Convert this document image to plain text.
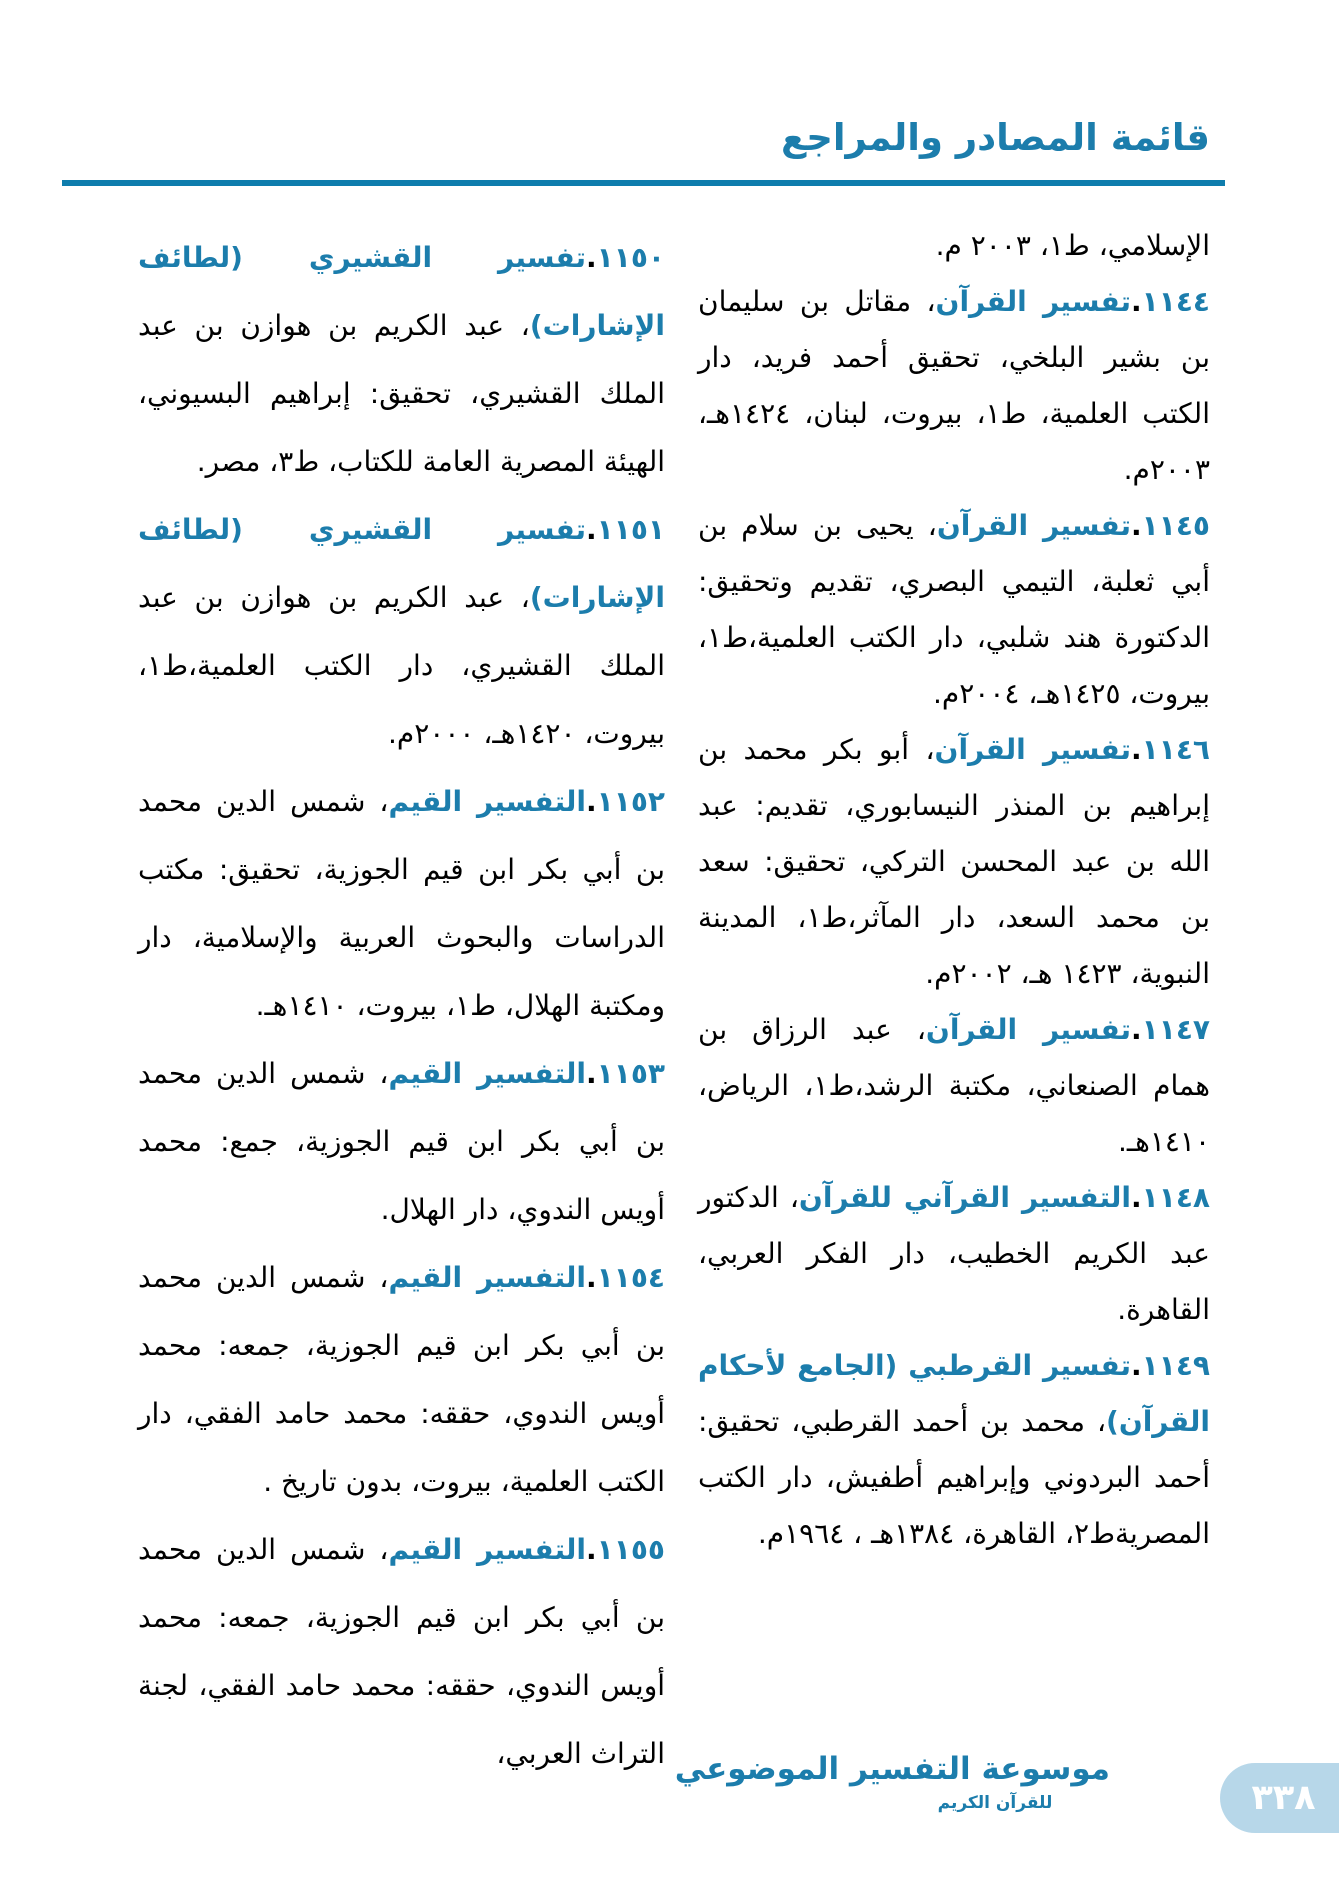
قائمة المصادر والمراجع

الإسلامي، ط١، ٢٠٠٣ م.

١١٤٤.تفسير القرآن، مقاتل بن سليمان بن بشير البلخي، تحقيق أحمد فريد، دار الكتب العلمية، ط١، بيروت، لبنان، ١٤٢٤هـ، ٢٠٠٣م.

١١٤٥.تفسير القرآن، يحيى بن سلام بن أبي ثعلبة، التيمي البصري، تقديم وتحقيق: الدكتورة هند شلبي، دار الكتب العلمية،ط١، بيروت، ١٤٢٥هـ، ٢٠٠٤م.

١١٤٦.تفسير القرآن، أبو بكر محمد بن إبراهيم بن المنذر النيسابوري، تقديم: عبد الله بن عبد المحسن التركي، تحقيق: سعد بن محمد السعد، دار المآثر،ط١، المدينة النبوية، ١٤٢٣ هـ، ٢٠٠٢م.

١١٤٧.تفسير القرآن، عبد الرزاق بن همام الصنعاني، مكتبة الرشد،ط١، الرياض، ١٤١٠هـ.

١١٤٨.التفسير القرآني للقرآن، الدكتور عبد الكريم الخطيب، دار الفكر العربي، القاهرة.

١١٤٩.تفسير القرطبي (الجامع لأحكام القرآن)، محمد بن أحمد القرطبي، تحقيق: أحمد البردوني وإبراهيم أطفيش، دار الكتب المصريةط٢، القاهرة، ١٣٨٤هـ ، ١٩٦٤م.

١١٥٠.تفسير القشيري (لطائف الإشارات)، عبد الكريم بن هوازن بن عبد الملك القشيري، تحقيق: إبراهيم البسيوني، الهيئة المصرية العامة للكتاب، ط٣، مصر.

١١٥١.تفسير القشيري (لطائف الإشارات)، عبد الكريم بن هوازن بن عبد الملك القشيري، دار الكتب العلمية،ط١، بيروت، ١٤٢٠هـ، ٢٠٠٠م.

١١٥٢.التفسير القيم، شمس الدين محمد بن أبي بكر ابن قيم الجوزية، تحقيق: مكتب الدراسات والبحوث العربية والإسلامية، دار ومكتبة الهلال، ط١، بيروت، ١٤١٠هـ.

١١٥٣.التفسير القيم، شمس الدين محمد بن أبي بكر ابن قيم الجوزية، جمع: محمد أويس الندوي، دار الهلال.

١١٥٤.التفسير القيم، شمس الدين محمد بن أبي بكر ابن قيم الجوزية، جمعه: محمد أويس الندوي، حققه: محمد حامد الفقي، دار الكتب العلمية، بيروت، بدون تاريخ .

١١٥٥.التفسير القيم، شمس الدين محمد بن أبي بكر ابن قيم الجوزية، جمعه: محمد أويس الندوي، حققه: محمد حامد الفقي، لجنة التراث العربي، موسوعة التفسير الموضوعي
للقرآن الكريم	٣٣٨
